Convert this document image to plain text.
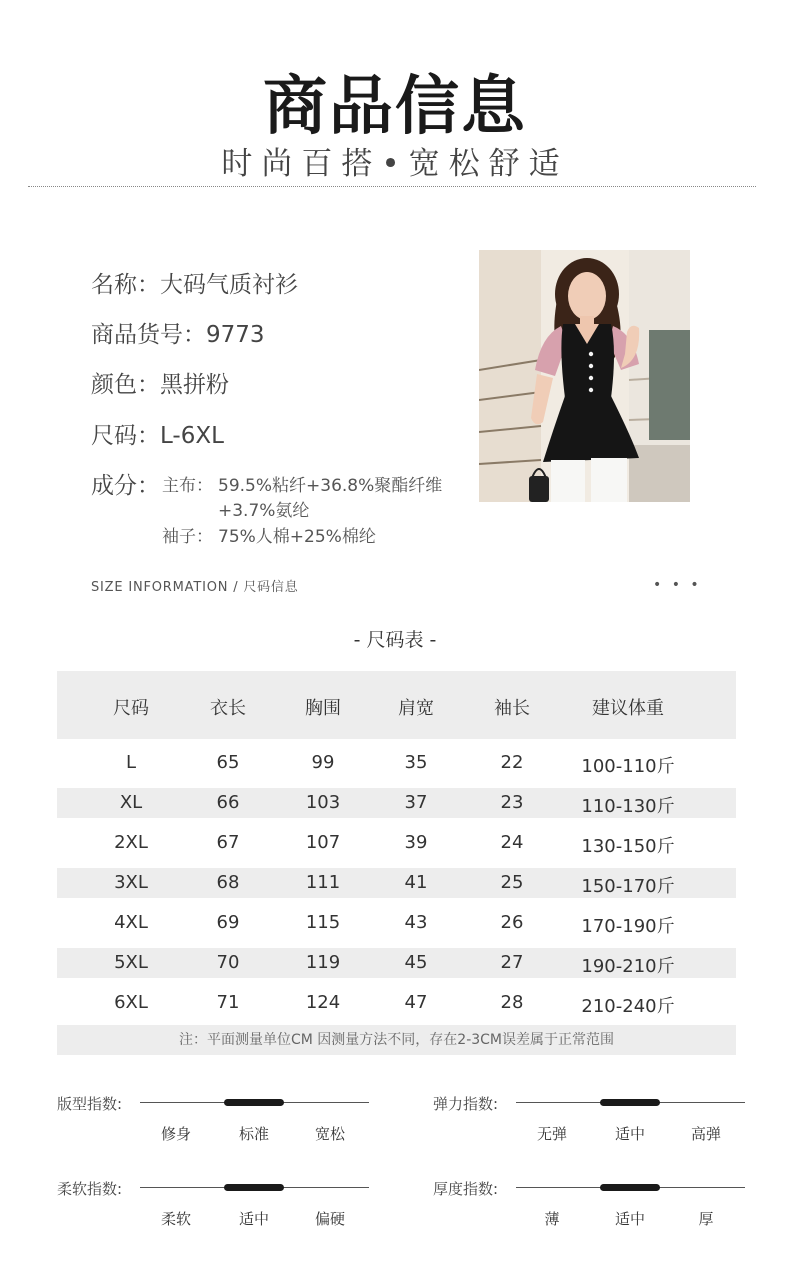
商品信息
时尚百搭•宽松舒适
名称：大码气质衬衫
商品货号：9773
颜色：黑拼粉
尺码：L-6XL
成分： 主布： 59.5%粘纤+36.8%聚酯纤维
+3.7%氨纶
袖子： 75%人棉+25%棉纶
SIZE INFORMATION / 尺码信息	• • •
- 尺码表 -
尺码	衣长	胸围	肩宽	袖长	建议体重
L	65	99	35	22	100-110斤
XL	66	103	37	23	110-130斤
2XL	67	107	39	24	130-150斤
3XL	68	111	41	25	150-170斤
4XL	69	115	43	26	170-190斤
5XL	70	119	45	27	190-210斤
6XL	71	124	47	28	210-240斤
注：平面测量单位CM 因测量方法不同，存在2-3CM误差属于正常范围
版型指数:
修身	标准	宽松
弹力指数:
无弹	适中	高弹
柔软指数:
柔软	适中	偏硬
厚度指数:
薄	适中	厚
